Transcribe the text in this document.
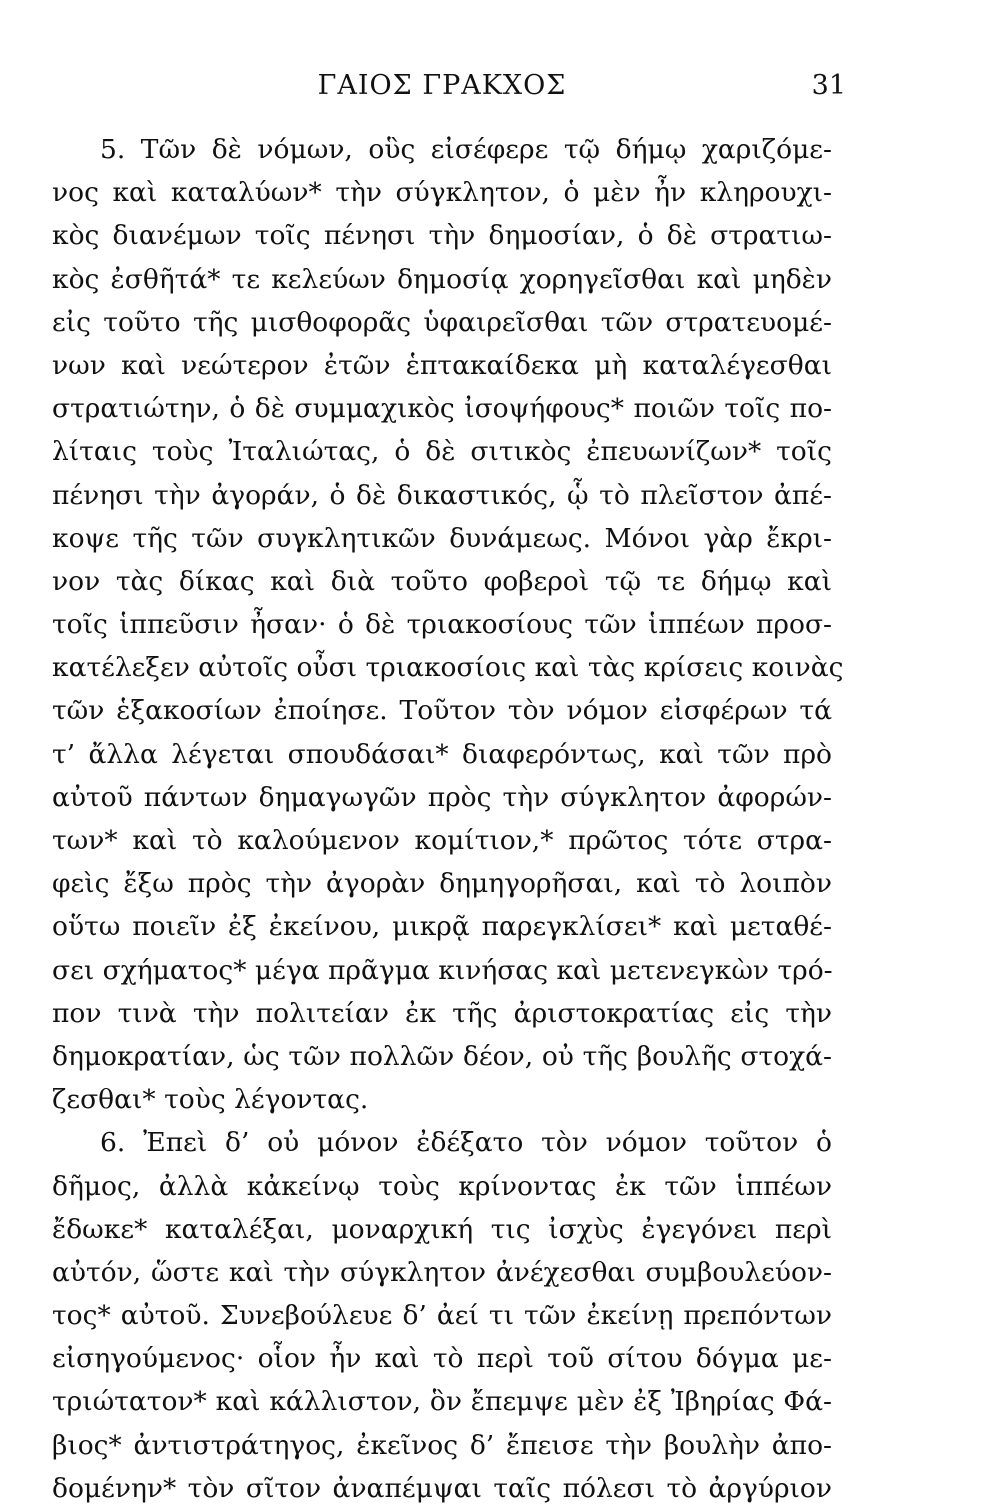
ΓΑΙΟΣ ΓΡΑΚΧΟΣ	31
5. Τῶν δὲ νόμων, οὓς εἰσέφερε τῷ δήμῳ χαριζόμε-
νος καὶ καταλύων* τὴν σύγκλητον, ὁ μὲν ἦν κληρουχι-
κὸς διανέμων τοῖς πένησι τὴν δημοσίαν, ὁ δὲ στρατιω-
κὸς ἐσθῆτά* τε κελεύων δημοσίᾳ χορηγεῖσθαι καὶ μηδὲν
εἰς τοῦτο τῆς μισθοφορᾶς ὑφαιρεῖσθαι τῶν στρατευομέ-
νων καὶ νεώτερον ἐτῶν ἑπτακαίδεκα μὴ καταλέγεσθαι
στρατιώτην, ὁ δὲ συμμαχικὸς ἰσοψήφους* ποιῶν τοῖς πο-
λίταις τοὺς Ἰταλιώτας, ὁ δὲ σιτικὸς ἐπευωνίζων* τοῖς
πένησι τὴν ἀγοράν, ὁ δὲ δικαστικός, ᾧ τὸ πλεῖστον ἀπέ-
κοψε τῆς τῶν συγκλητικῶν δυνάμεως. Μόνοι γὰρ ἔκρι-
νον τὰς δίκας καὶ διὰ τοῦτο φοβεροὶ τῷ τε δήμῳ καὶ
τοῖς ἱππεῦσιν ἦσαν· ὁ δὲ τριακοσίους τῶν ἱππέων προσ-
κατέλεξεν αὐτοῖς οὖσι τριακοσίοις καὶ τὰς κρίσεις κοινὰς
τῶν ἑξακοσίων ἐποίησε. Τοῦτον τὸν νόμον εἰσφέρων τά
τ’ ἄλλα λέγεται σπουδάσαι* διαφερόντως, καὶ τῶν πρὸ
αὐτοῦ πάντων δημαγωγῶν πρὸς τὴν σύγκλητον ἀφορών-
των* καὶ τὸ καλούμενον κομίτιον,* πρῶτος τότε στρα-
φεὶς ἔξω πρὸς τὴν ἀγορὰν δημηγορῆσαι, καὶ τὸ λοιπὸν
οὕτω ποιεῖν ἐξ ἐκείνου, μικρᾷ παρεγκλίσει* καὶ μεταθέ-
σει σχήματος* μέγα πρᾶγμα κινήσας καὶ μετενεγκὼν τρό-
πον τινὰ τὴν πολιτείαν ἐκ τῆς ἀριστοκρατίας εἰς τὴν
δημοκρατίαν, ὡς τῶν πολλῶν δέον, οὐ τῆς βουλῆς στοχά-
ζεσθαι* τοὺς λέγοντας.
6. Ἐπεὶ δ’ οὐ μόνον ἐδέξατο τὸν νόμον τοῦτον ὁ
δῆμος, ἀλλὰ κἀκείνῳ τοὺς κρίνοντας ἐκ τῶν ἱππέων
ἔδωκε* καταλέξαι, μοναρχική τις ἰσχὺς ἐγεγόνει περὶ
αὐτόν, ὥστε καὶ τὴν σύγκλητον ἀνέχεσθαι συμβουλεύον-
τος* αὐτοῦ. Συνεβούλευε δ’ ἀεί τι τῶν ἐκείνῃ πρεπόντων
εἰσηγούμενος· οἷον ἦν καὶ τὸ περὶ τοῦ σίτου δόγμα με-
τριώτατον* καὶ κάλλιστον, ὃν ἔπεμψε μὲν ἐξ Ἰβηρίας Φά-
βιος* ἀντιστράτηγος, ἐκεῖνος δ’ ἔπεισε τὴν βουλὴν ἀπο-
δομένην* τὸν σῖτον ἀναπέμψαι ταῖς πόλεσι τὸ ἀργύριον
